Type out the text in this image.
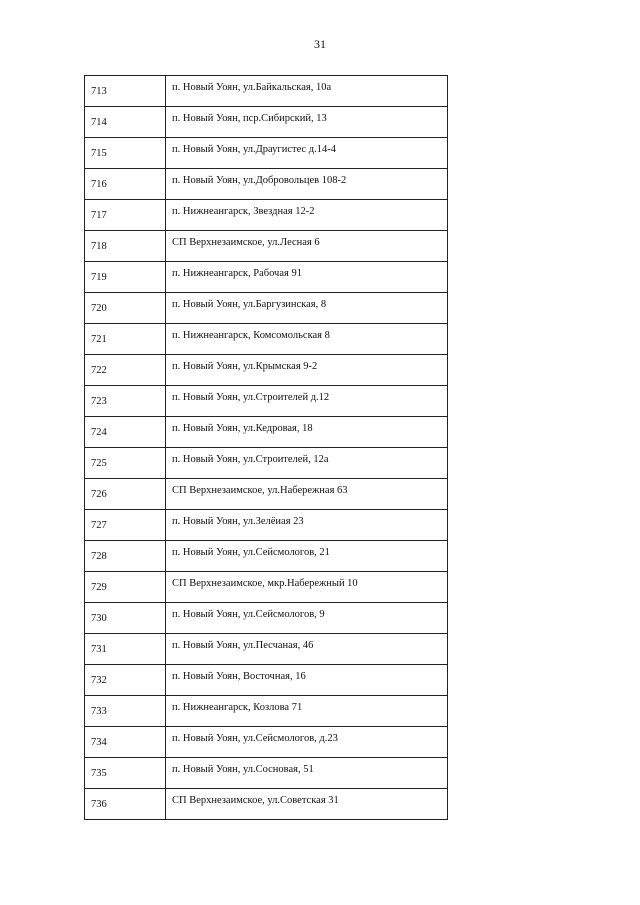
31
713	п. Новый Уоян, ул.Байкальская, 10а
714	п. Новый Уоян, пср.Сибирский, 13
715	п. Новый Уоян, ул.Драугистес д.14-4
716	п. Новый Уоян, ул.Добровольцев 108-2
717	п. Нижнеангарск, Звездная 12-2
718	СП Верхнезаимское, ул.Лесная 6
719	п. Нижнеангарск, Рабочая 91
720	п. Новый Уоян, ул.Баргузинская, 8
721	п. Нижнеангарск, Комсомольская 8
722	п. Новый Уоян, ул.Крымская 9-2
723	п. Новый Уоян, ул.Строителей д.12
724	п. Новый Уоян, ул.Кедровая, 18
725	п. Новый Уоян, ул.Строителей, 12а
726	СП Верхнезаимское, ул.Набережная 63
727	п. Новый Уоян, ул.Зелёиая 23
728	п. Новый Уоян, ул.Сейсмологов, 21
729	СП Верхнезаимское, мкр.Набережный 10
730	п. Новый Уоян, ул.Сейсмологов, 9
731	п. Новый Уоян, ул.Песчаная, 46
732	п. Новый Уоян, Восточная, 16
733	п. Нижнеангарск, Козлова 71
734	п. Новый Уоян, ул.Сейсмологов, д.23
735	п. Новый Уоян, ул.Сосновая, 51
736	СП Верхнезаимское, ул.Советская 31
